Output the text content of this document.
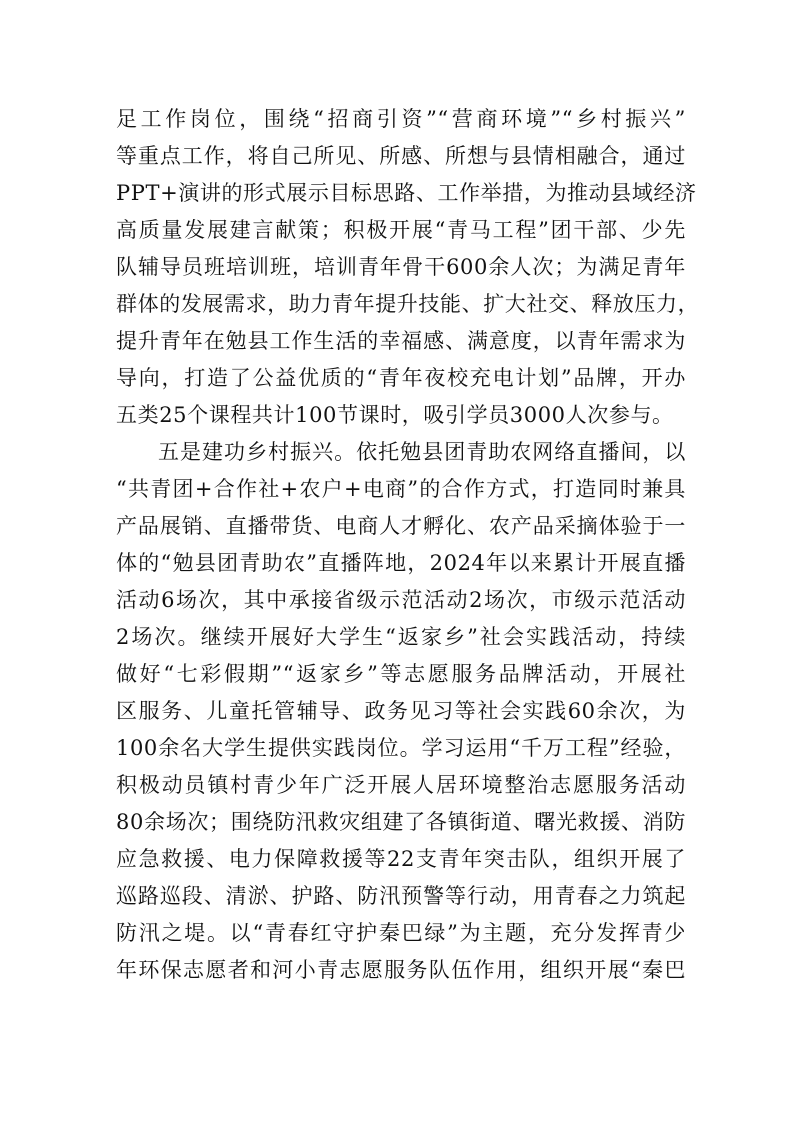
足工作岗位，围绕“招商引资”“营商环境”“乡村振兴”
等重点工作，将自己所见、所感、所想与县情相融合，通过
PPT+演讲的形式展示目标思路、工作举措，为推动县域经济
高质量发展建言献策；积极开展“青马工程”团干部、少先
队辅导员班培训班，培训青年骨干600余人次；为满足青年
群体的发展需求，助力青年提升技能、扩大社交、释放压力，
提升青年在勉县工作生活的幸福感、满意度，以青年需求为
导向，打造了公益优质的“青年夜校充电计划”品牌，开办
五类25个课程共计100节课时，吸引学员3000人次参与。
五是建功乡村振兴。依托勉县团青助农网络直播间，以
“共青团+合作社+农户+电商”的合作方式，打造同时兼具
产品展销、直播带货、电商人才孵化、农产品采摘体验于一
体的“勉县团青助农”直播阵地，2024年以来累计开展直播
活动6场次，其中承接省级示范活动2场次，市级示范活动
2场次。继续开展好大学生“返家乡”社会实践活动，持续
做好“七彩假期”“返家乡”等志愿服务品牌活动，开展社
区服务、儿童托管辅导、政务见习等社会实践60余次，为
100余名大学生提供实践岗位。学习运用“千万工程”经验，
积极动员镇村青少年广泛开展人居环境整治志愿服务活动
80余场次；围绕防汛救灾组建了各镇街道、曙光救援、消防
应急救援、电力保障救援等22支青年突击队，组织开展了
巡路巡段、清淤、护路、防汛预警等行动，用青春之力筑起
防汛之堤。以“青春红守护秦巴绿”为主题，充分发挥青少
年环保志愿者和河小青志愿服务队伍作用，组织开展“秦巴
